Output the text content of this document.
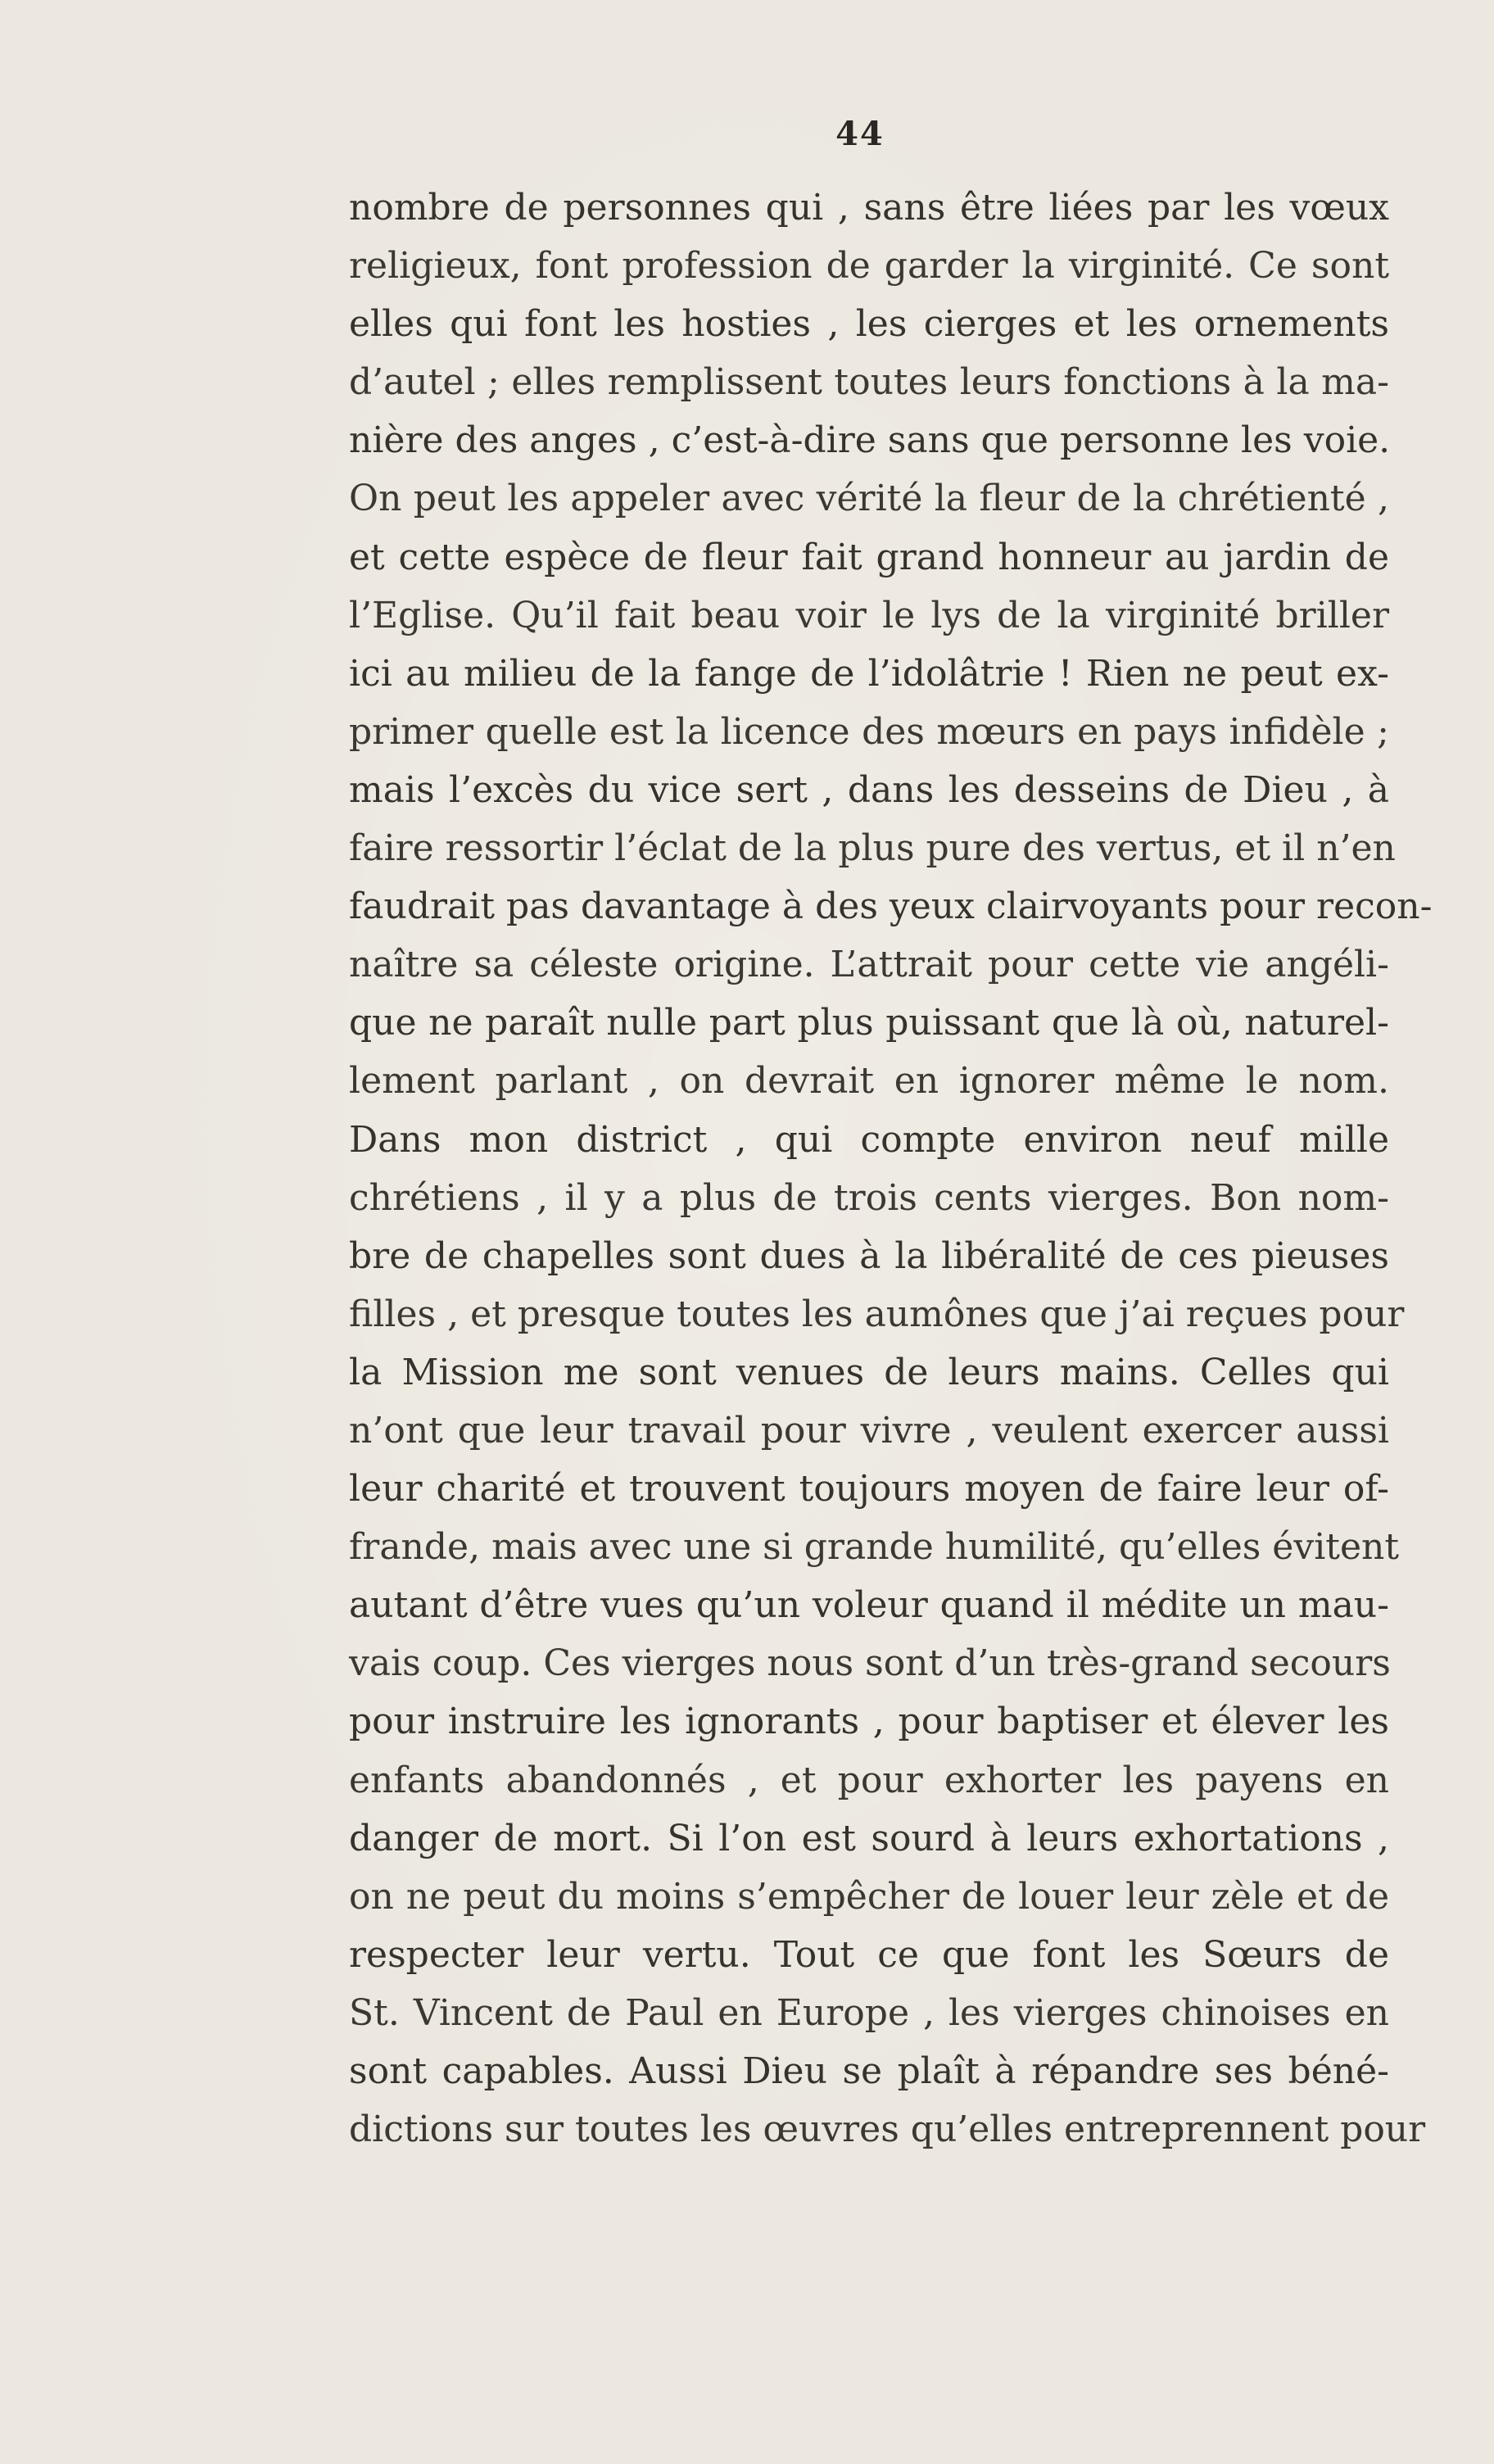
44
nombre de personnes qui , sans être liées par les vœux
religieux, font profession de garder la virginité. Ce sont
elles qui font les hosties , les cierges et les ornements
d’autel ; elles remplissent toutes leurs fonctions à la ma-
nière des anges , c’est-à-dire sans que personne les voie.
On peut les appeler avec vérité la fleur de la chrétienté ,
et cette espèce de fleur fait grand honneur au jardin de
l’Eglise. Qu’il fait beau voir le lys de la virginité briller
ici au milieu de la fange de l’idolâtrie ! Rien ne peut ex-
primer quelle est la licence des mœurs en pays infidèle ;
mais l’excès du vice sert , dans les desseins de Dieu , à
faire ressortir l’éclat de la plus pure des vertus, et il n’en
faudrait pas davantage à des yeux clairvoyants pour recon-
naître sa céleste origine. L’attrait pour cette vie angéli-
que ne paraît nulle part plus puissant que là où, naturel-
lement parlant , on devrait en ignorer même le nom.
Dans mon district , qui compte environ neuf mille
chrétiens , il y a plus de trois cents vierges. Bon nom-
bre de chapelles sont dues à la libéralité de ces pieuses
filles , et presque toutes les aumônes que j’ai reçues pour
la Mission me sont venues de leurs mains. Celles qui
n’ont que leur travail pour vivre , veulent exercer aussi
leur charité et trouvent toujours moyen de faire leur of-
frande, mais avec une si grande humilité, qu’elles évitent
autant d’être vues qu’un voleur quand il médite un mau-
vais coup. Ces vierges nous sont d’un très-grand secours
pour instruire les ignorants , pour baptiser et élever les
enfants abandonnés , et pour exhorter les payens en
danger de mort. Si l’on est sourd à leurs exhortations ,
on ne peut du moins s’empêcher de louer leur zèle et de
respecter leur vertu. Tout ce que font les Sœurs de
St. Vincent de Paul en Europe , les vierges chinoises en
sont capables. Aussi Dieu se plaît à répandre ses béné-
dictions sur toutes les œuvres qu’elles entreprennent pour
